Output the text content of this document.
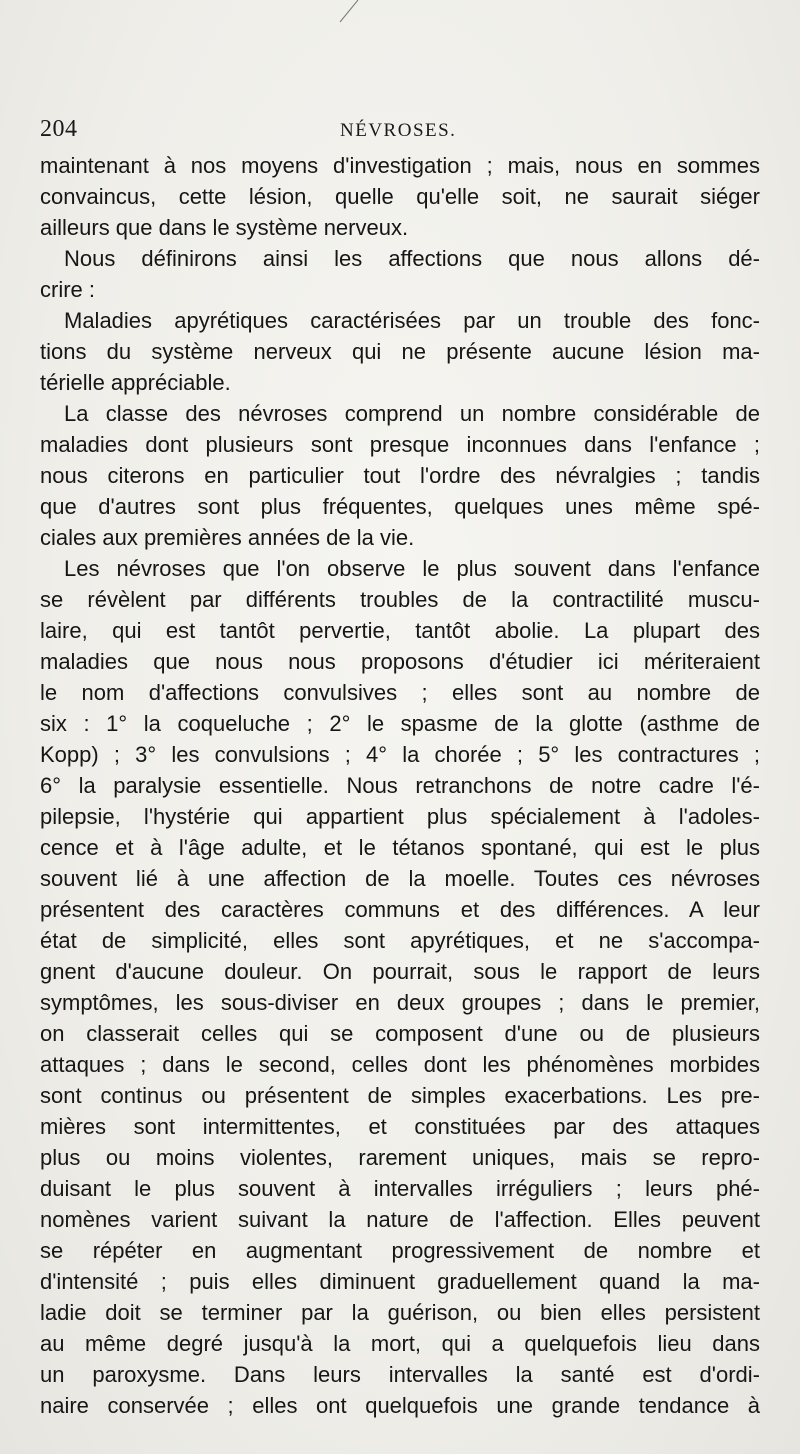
204	NÉVROSES.
maintenant à nos moyens d'investigation ; mais, nous en sommes
convaincus, cette lésion, quelle qu'elle soit, ne saurait siéger
ailleurs que dans le système nerveux.
Nous définirons ainsi les affections que nous allons dé-
crire :
Maladies apyrétiques caractérisées par un trouble des fonc-
tions du système nerveux qui ne présente aucune lésion ma-
térielle appréciable.
La classe des névroses comprend un nombre considérable de
maladies dont plusieurs sont presque inconnues dans l'enfance ;
nous citerons en particulier tout l'ordre des névralgies ; tandis
que d'autres sont plus fréquentes, quelques unes même spé-
ciales aux premières années de la vie.
Les névroses que l'on observe le plus souvent dans l'enfance
se révèlent par différents troubles de la contractilité muscu-
laire, qui est tantôt pervertie, tantôt abolie. La plupart des
maladies que nous nous proposons d'étudier ici mériteraient
le nom d'affections convulsives ; elles sont au nombre de
six : 1° la coqueluche ; 2° le spasme de la glotte (asthme de
Kopp) ; 3° les convulsions ; 4° la chorée ; 5° les contractures ;
6° la paralysie essentielle. Nous retranchons de notre cadre l'é-
pilepsie, l'hystérie qui appartient plus spécialement à l'adoles-
cence et à l'âge adulte, et le tétanos spontané, qui est le plus
souvent lié à une affection de la moelle. Toutes ces névroses
présentent des caractères communs et des différences. A leur
état de simplicité, elles sont apyrétiques, et ne s'accompa-
gnent d'aucune douleur. On pourrait, sous le rapport de leurs
symptômes, les sous-diviser en deux groupes ; dans le premier,
on classerait celles qui se composent d'une ou de plusieurs
attaques ; dans le second, celles dont les phénomènes morbides
sont continus ou présentent de simples exacerbations. Les pre-
mières sont intermittentes, et constituées par des attaques
plus ou moins violentes, rarement uniques, mais se repro-
duisant le plus souvent à intervalles irréguliers ; leurs phé-
nomènes varient suivant la nature de l'affection. Elles peuvent
se répéter en augmentant progressivement de nombre et
d'intensité ; puis elles diminuent graduellement quand la ma-
ladie doit se terminer par la guérison, ou bien elles persistent
au même degré jusqu'à la mort, qui a quelquefois lieu dans
un paroxysme. Dans leurs intervalles la santé est d'ordi-
naire conservée ; elles ont quelquefois une grande tendance à
